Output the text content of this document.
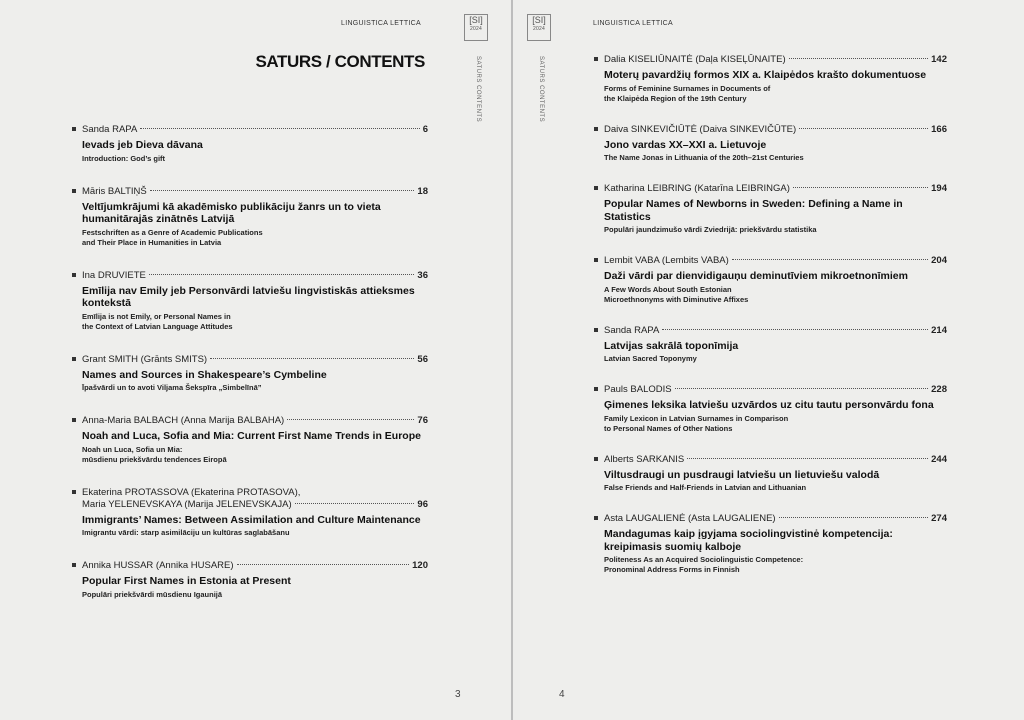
LINGUISTICA LETTICA	[SI]
2024
SATURS CONTENTS
SATURS / CONTENTS
Sanda RAPA	6
Ievads jeb Dieva dāvana
Introduction: God’s gift
Māris BALTIŅŠ	18
Veltījumkrājumi kā akadēmisko publikāciju žanrs un to vieta humanitārajās zinātnēs Latvijā
Festschriften as a Genre of Academic Publications
and Their Place in Humanities in Latvia
Ina DRUVIETE	36
Emīlija nav Emily jeb Personvārdi latviešu lingvistiskās attieksmes kontekstā
Emīlija is not Emily, or Personal Names in
the Context of Latvian Language Attitudes
Grant SMITH (Grānts SMITS)	56
Names and Sources in Shakespeare’s Cymbeline
Īpašvārdi un to avoti Viljama Šekspīra „Simbelīnā”
Anna-Maria BALBACH (Anna Marija BALBAHA)	76
Noah and Luca, Sofia and Mia: Current First Name Trends in Europe
Noah un Luca, Sofia un Mia:
mūsdienu priekšvārdu tendences Eiropā
Ekaterina PROTASSOVA (Ekaterina PROTASOVA),
Maria YELENEVSKAYA (Marija JELENEVSKAJA)	96
Immigrants’ Names: Between Assimilation and Culture Maintenance
Imigrantu vārdi: starp asimilāciju un kultūras saglabāšanu
Annika HUSSAR (Annika HUSARE)	120
Popular First Names in Estonia at Present
Populāri priekšvārdi mūsdienu Igaunijā
3
[SI]
2024
SATURS CONTENTS
LINGUISTICA LETTICA
Dalia KISELIŪNAITĖ (Daļa KISEĻŪNAITE)	142
Moterų pavardžių formos XIX a. Klaipėdos krašto dokumentuose
Forms of Feminine Surnames in Documents of
the Klaipėda Region of the 19th Century
Daiva SINKEVIČIŪTĖ (Daiva SINKEVIČŪTE)	166
Jono vardas XX–XXI a. Lietuvoje
The Name Jonas in Lithuania of the 20th–21st Centuries
Katharina LEIBRING (Katarīna LEIBRINGA)	194
Popular Names of Newborns in Sweden: Defining a Name in Statistics
Populāri jaundzimušo vārdi Zviedrijā: priekšvārdu statistika
Lembit VABA (Lembits VABA)	204
Daži vārdi par dienvidigauņu deminutīviem mikroetnonīmiem
A Few Words About South Estonian
Microethnonyms with Diminutive Affixes
Sanda RAPA	214
Latvijas sakrālā toponīmija
Latvian Sacred Toponymy
Pauls BALODIS	228
Ģimenes leksika latviešu uzvārdos uz citu tautu personvārdu fona
Family Lexicon in Latvian Surnames in Comparison
to Personal Names of Other Nations
Alberts SARKANIS	244
Viltusdraugi un pusdraugi latviešu un lietuviešu valodā
False Friends and Half-Friends in Latvian and Lithuanian
Asta LAUGALIENĖ (Asta LAUGALIENE)	274
Mandagumas kaip įgyjama sociolingvistinė kompetencija: kreipimasis suomių kalboje
Politeness As an Acquired Sociolinguistic Competence:
Pronominal Address Forms in Finnish
4
